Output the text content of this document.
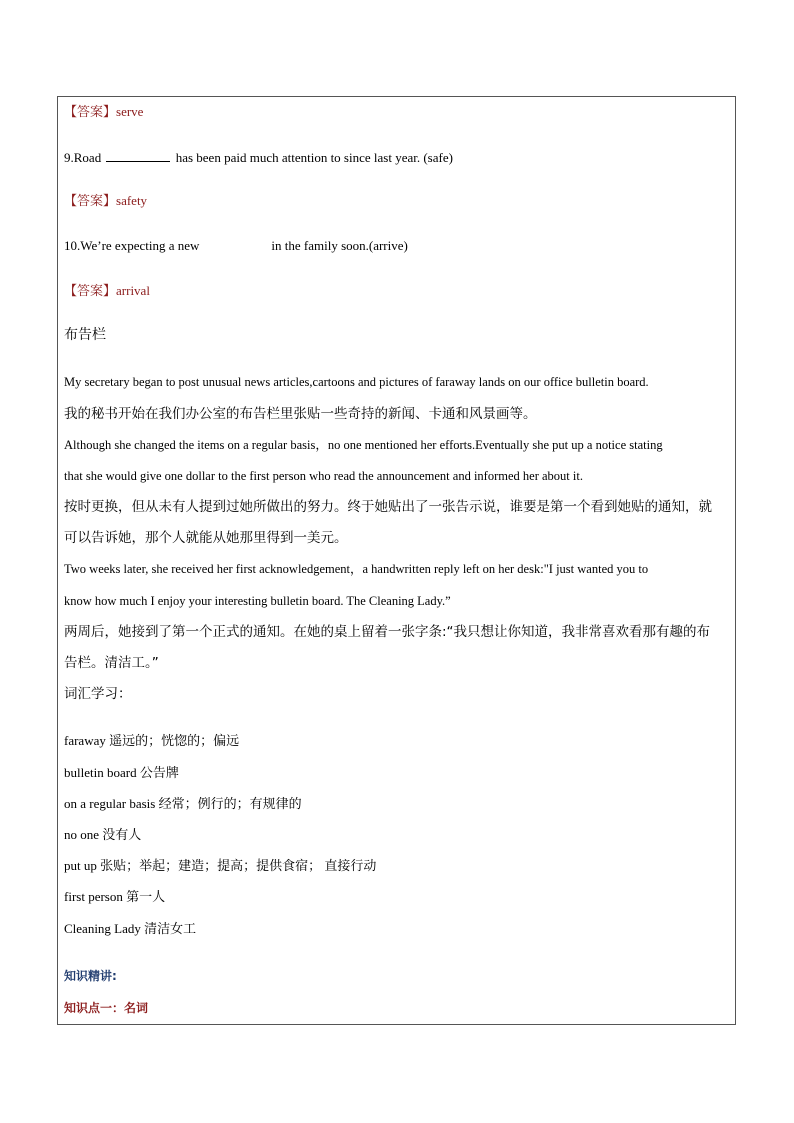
【答案】serve
9.Road	has been paid much attention to since last year. (safe)
【答案】safety
10.We’re expecting a new	in the family soon.(arrive)
【答案】arrival
布告栏
My secretary began to post unusual news articles,cartoons and pictures of faraway lands on our office bulletin board.
我的秘书开始在我们办公室的布告栏里张贴一些奇持的新闻、卡通和风景画等。
Although she changed the items on a regular basis，no one mentioned her efforts.Eventually she put up a notice stating
that she would give one dollar to the first person who read the announcement and informed her about it.
按时更换，但从未有人提到过她所做出的努力。终于她贴出了一张告示说，谁要是第一个看到她贴的通知，就
可以告诉她，那个人就能从她那里得到一美元。
Two weeks later, she received her first acknowledgement，a handwritten reply left on her desk:"I just wanted you to
know how much I enjoy your interesting bulletin board. The Cleaning Lady.”
两周后，她接到了第一个正式的通知。在她的桌上留着一张字条:“我只想让你知道，我非常喜欢看那有趣的布
告栏。清洁工。”
词汇学习：
faraway 遥远的；恍惚的；偏远
bulletin board 公告牌
on a regular basis 经常；例行的；有规律的
no one 没有人
put up 张贴；举起；建造；提高；提供食宿； 直接行动
first person 第一人
Cleaning Lady 清洁女工
知识精讲:
知识点一：名词
